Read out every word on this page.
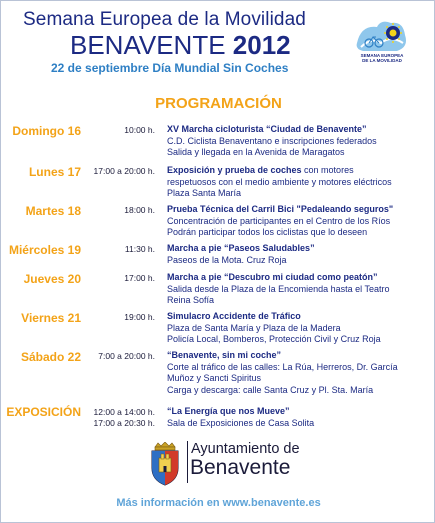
Semana Europea de la Movilidad
BENAVENTE 2012
22 de septiembre Día Mundial Sin Coches
SEMANA EUROPEA
DE LA MOVILIDAD
PROGRAMACIÓN
Domingo 16	10:00 h. XV Marcha cicloturista “Ciudad de Benavente”
C.D. Ciclista Benaventano e inscripciones federados
Salida y llegada en la Avenida de Maragatos
Lunes 17	17:00 a 20:00 h. Exposición y prueba de coches con motores
respetuosos con el medio ambiente y motores eléctricos
Plaza Santa María
Martes 18	18:00 h. Prueba Técnica del Carril Bici "Pedaleando seguros"
Concentración de participantes en el Centro de los Ríos
Podrán participar todos los ciclistas que lo deseen
Miércoles 19	11:30 h. Marcha a pie “Paseos Saludables”
Paseos de la Mota. Cruz Roja
Jueves 20	17:00 h. Marcha a pie “Descubro mi ciudad como peatón”
Salida desde la Plaza de la Encomienda hasta el Teatro
Reina Sofía
Viernes 21	19:00 h. Simulacro Accidente de Tráfico
Plaza de Santa María y Plaza de la Madera
Policía Local, Bomberos, Protección Civil y Cruz Roja
Sábado 22	7:00 a 20:00 h. “Benavente, sin mi coche”
Corte al tráfico de las calles: La Rúa, Herreros, Dr. García
Muñoz y Sancti Spiritus
Carga y descarga: calle Santa Cruz y Pl. Sta. María
EXPOSICIÓN	12:00 a 14:00 h.
17:00 a 20:30 h.
“La Energía que nos Mueve”
Sala de Exposiciones de Casa Solita
Ayuntamiento de
Benavente
Más información en www.benavente.es
